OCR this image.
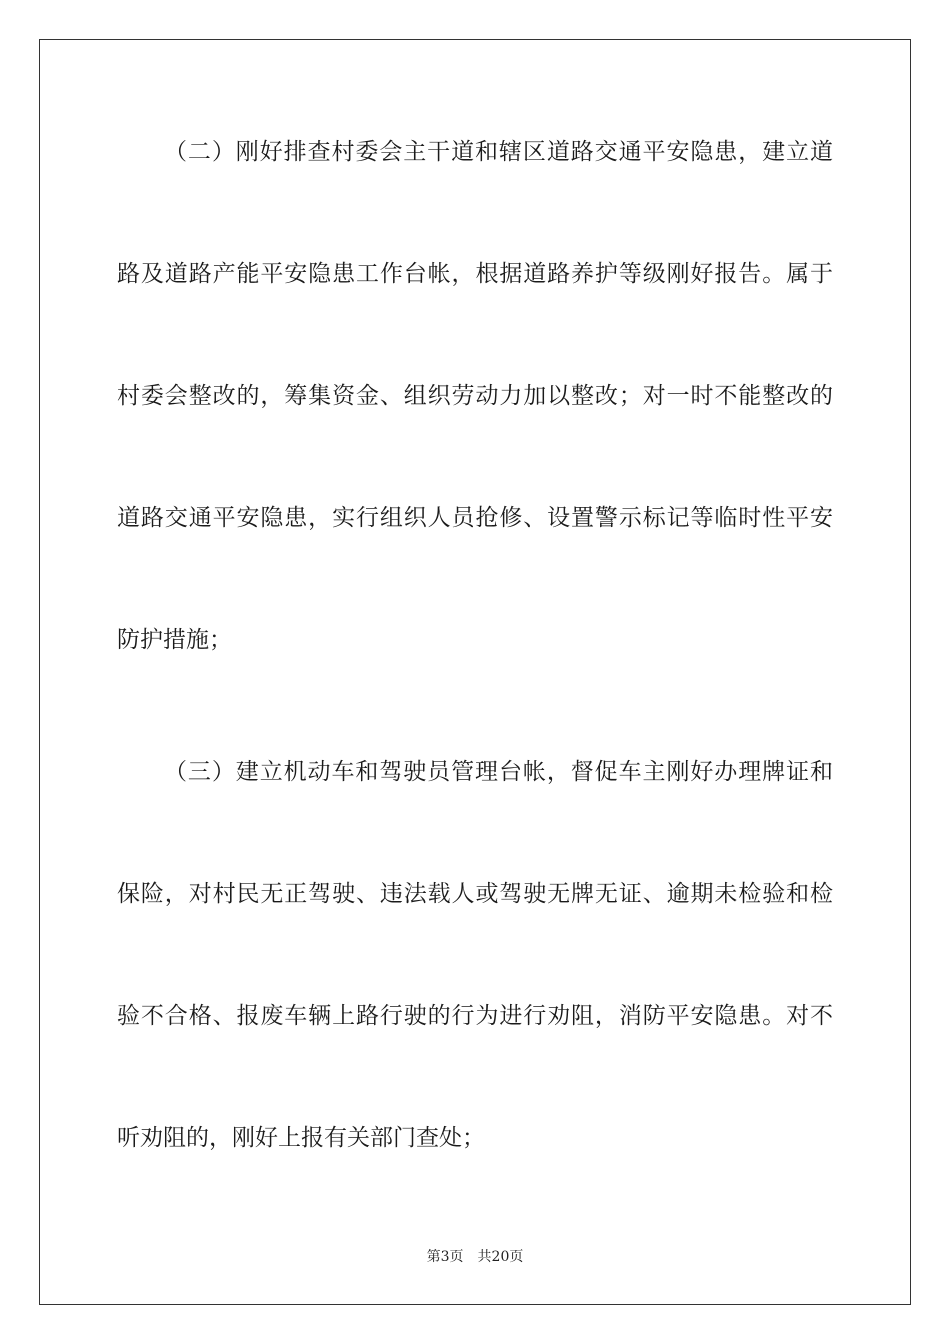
（二）刚好排查村委会主干道和辖区道路交通平安隐患，建立道
路及道路产能平安隐患工作台帐，根据道路养护等级刚好报告。属于
村委会整改的，筹集资金、组织劳动力加以整改；对一时不能整改的
道路交通平安隐患，实行组织人员抢修、设置警示标记等临时性平安
防护措施；
（三）建立机动车和驾驶员管理台帐，督促车主刚好办理牌证和
保险，对村民无正驾驶、违法载人或驾驶无牌无证、逾期未检验和检
验不合格、报废车辆上路行驶的行为进行劝阻，消防平安隐患。对不
听劝阻的，刚好上报有关部门查处；
第3页 共20页
